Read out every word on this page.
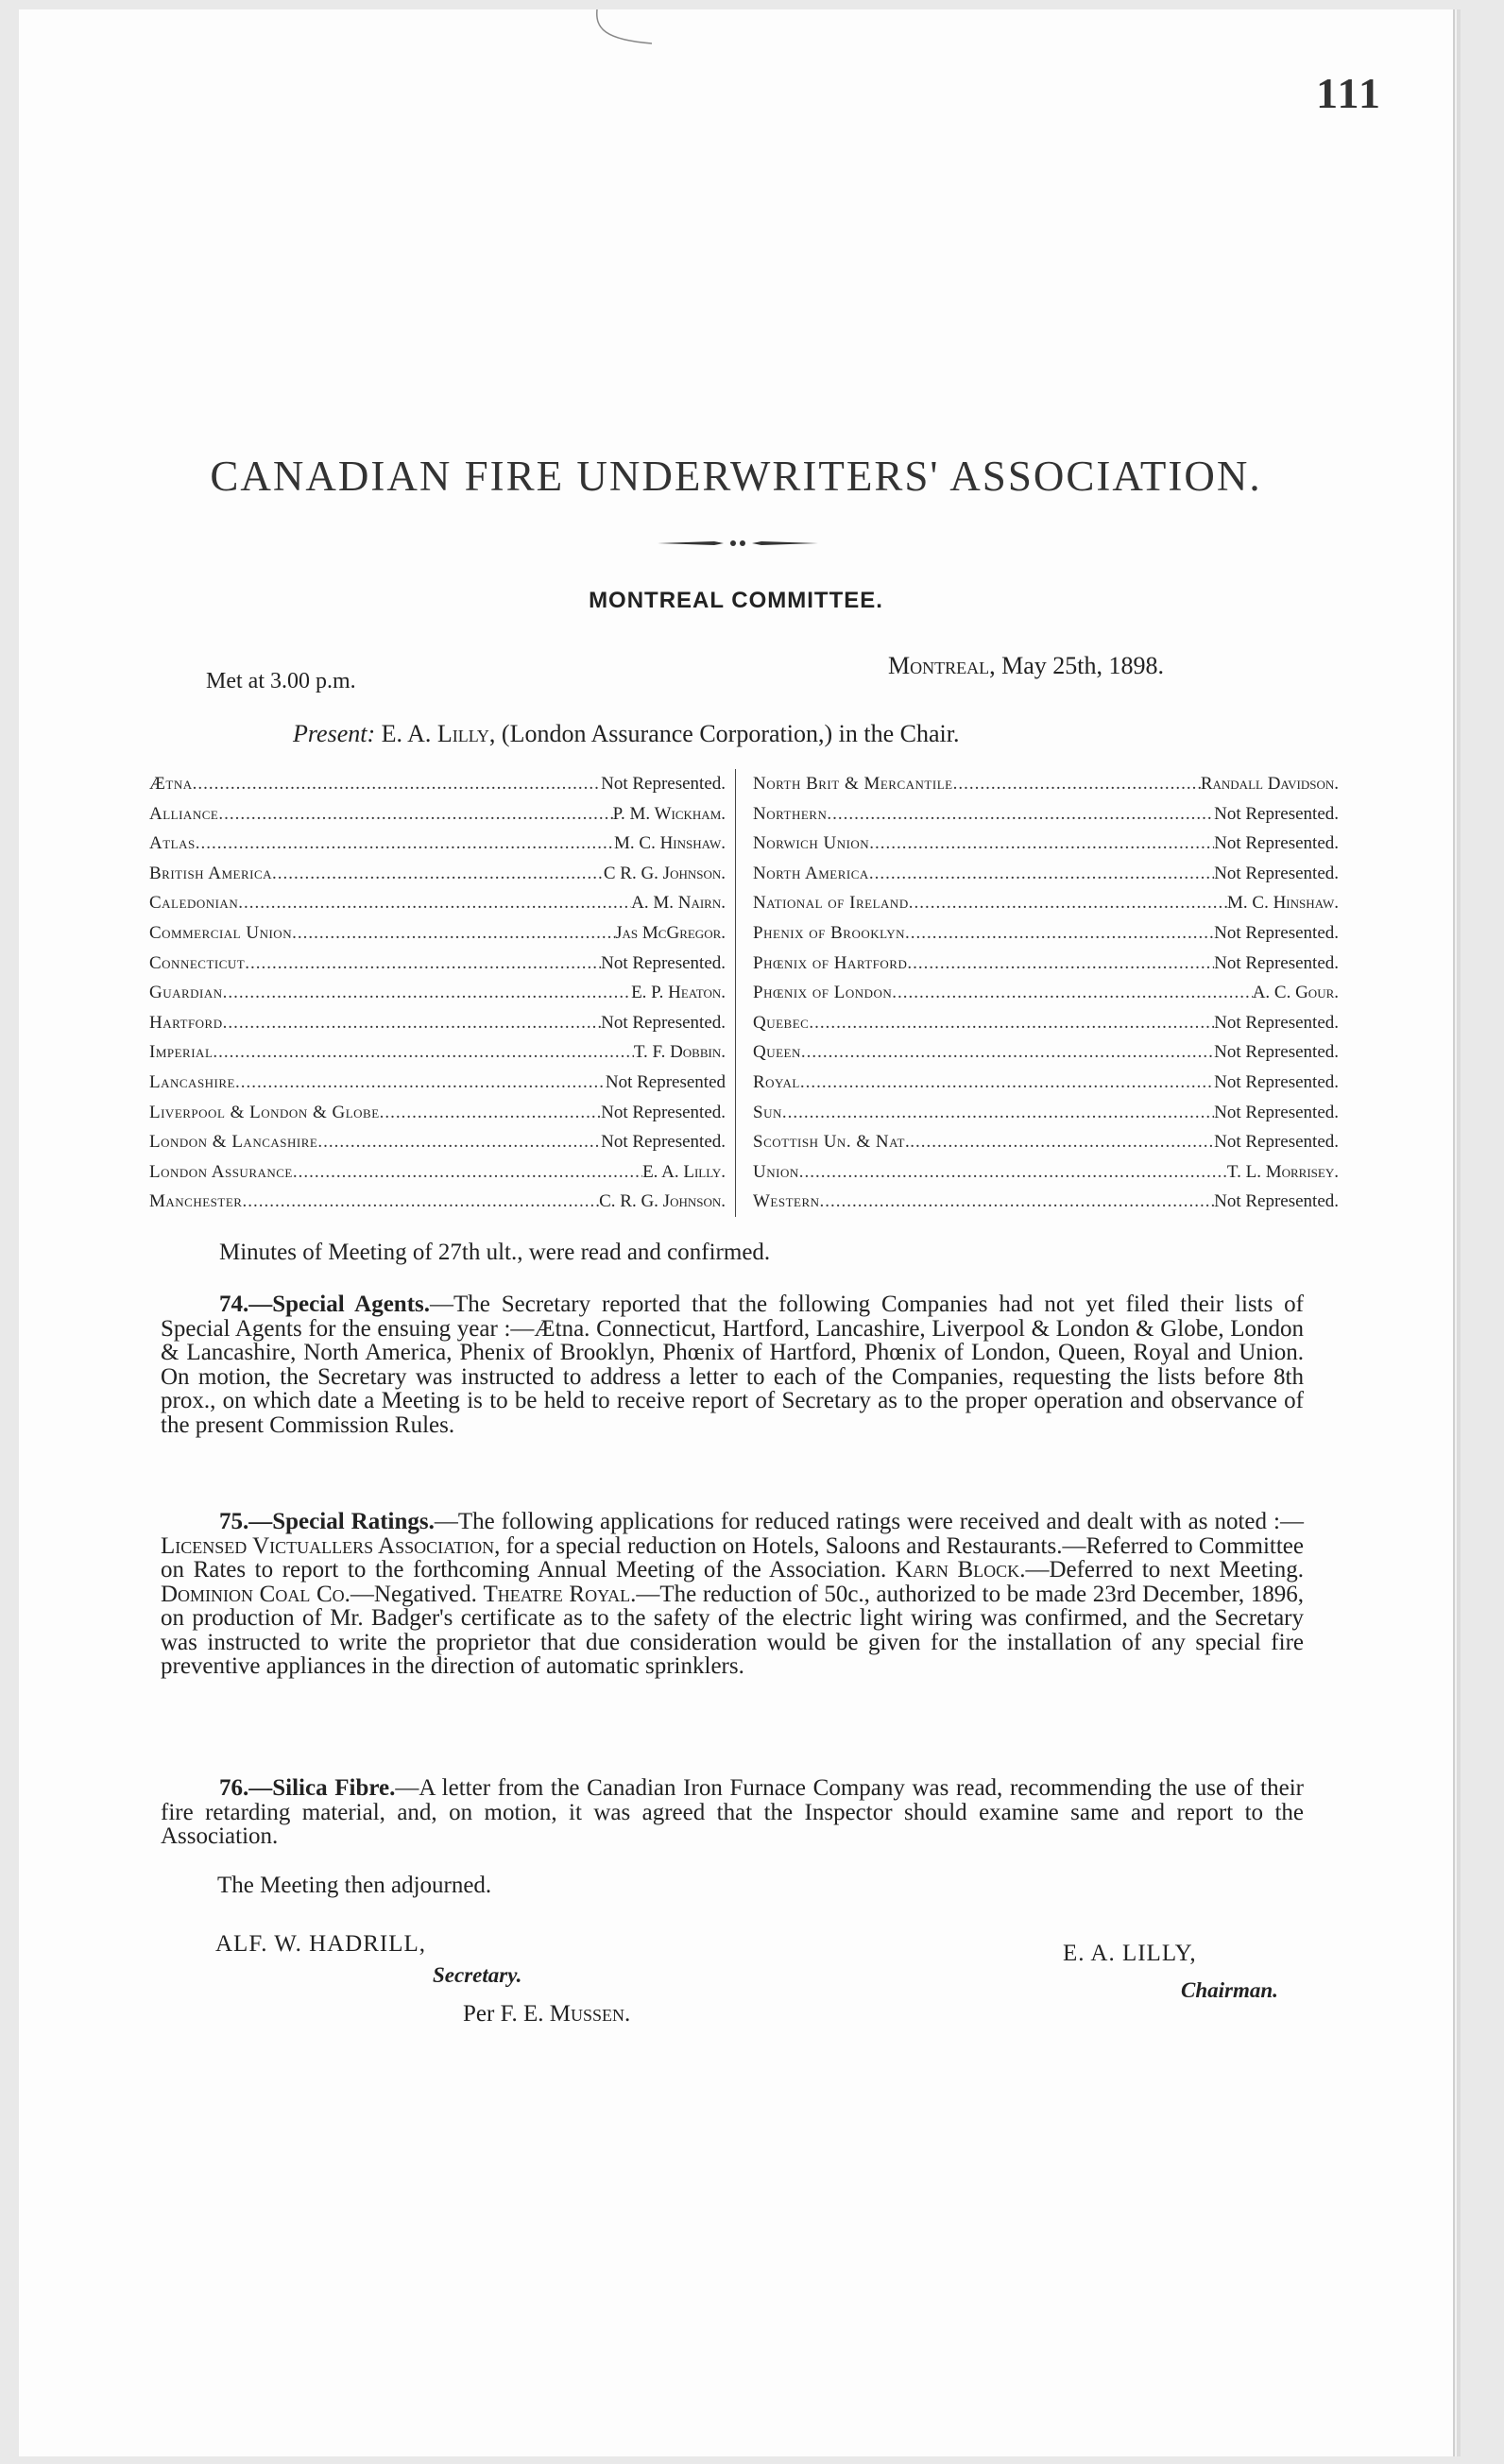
111
CANADIAN FIRE UNDERWRITERS' ASSOCIATION.
MONTREAL COMMITTEE.
Met at 3.00 p.m.
Montreal, May 25th, 1898.
Present: E. A. Lilly, (London Assurance Corporation,) in the Chair.
Ætna .....	Not Represented.
Alliance .....	P. M. Wickham.
Atlas .....	M. C. Hinshaw.
British America .....	C R. G. Johnson.
Caledonian .....	A. M. Nairn.
Commercial Union .....	Jas McGregor.
Connecticut .....	Not Represented.
Guardian .....	E. P. Heaton.
Hartford .....	Not Represented.
Imperial .....	T. F. Dobbin.
Lancashire .....	Not Represented
Liverpool & London & Globe .....	Not Represented.
London & Lancashire .....	Not Represented.
London Assurance .....	E. A. Lilly.
Manchester .....	C. R. G. Johnson.
North Brit & Mercantile .....	Randall Davidson.
Northern .....	Not Represented.
Norwich Union .....	Not Represented.
North America .....	Not Represented.
National of Ireland .....	M. C. Hinshaw.
Phenix of Brooklyn .....	Not Represented.
Phœnix of Hartford .....	Not Represented.
Phœnix of London .....	A. C. Gour.
Quebec .....	Not Represented.
Queen .....	Not Represented.
Royal .....	Not Represented.
Sun .....	Not Represented.
Scottish Un. & Nat. .....	Not Represented.
Union .....	T. L. Morrisey.
Western .....	Not Represented.
Minutes of Meeting of 27th ult., were read and confirmed.

74.—Special Agents.—The Secretary reported that the following Companies had not yet filed their lists of Special Agents for the ensuing year :—Ætna. Connecticut, Hartford, Lancashire, Liverpool & London & Globe, London & Lancashire, North America, Phenix of Brooklyn, Phœnix of Hartford, Phœnix of London, Queen, Royal and Union. On motion, the Secretary was instructed to address a letter to each of the Companies, requesting the lists before 8th prox., on which date a Meeting is to be held to receive report of Secretary as to the proper operation and observance of the present Commission Rules.

75.—Special Ratings.—The following applications for reduced ratings were received and dealt with as noted :—Licensed Victuallers Association, for a special reduction on Hotels, Saloons and Restaurants.—Referred to Committee on Rates to report to the forthcoming Annual Meeting of the Association. Karn Block.—Deferred to next Meeting. Dominion Coal Co.—Negatived. Theatre Royal.—The reduction of 50c., authorized to be made 23rd December, 1896, on production of Mr. Badger's certificate as to the safety of the electric light wiring was confirmed, and the Secretary was instructed to write the proprietor that due consideration would be given for the installation of any special fire preventive appliances in the direction of automatic sprinklers.

76.—Silica Fibre.—A letter from the Canadian Iron Furnace Company was read, recommending the use of their fire retarding material, and, on motion, it was agreed that the Inspector should examine same and report to the Association.

The Meeting then adjourned.
ALF. W. HADRILL,
Secretary.
Per F. E. Mussen.
E. A. LILLY,
Chairman.
